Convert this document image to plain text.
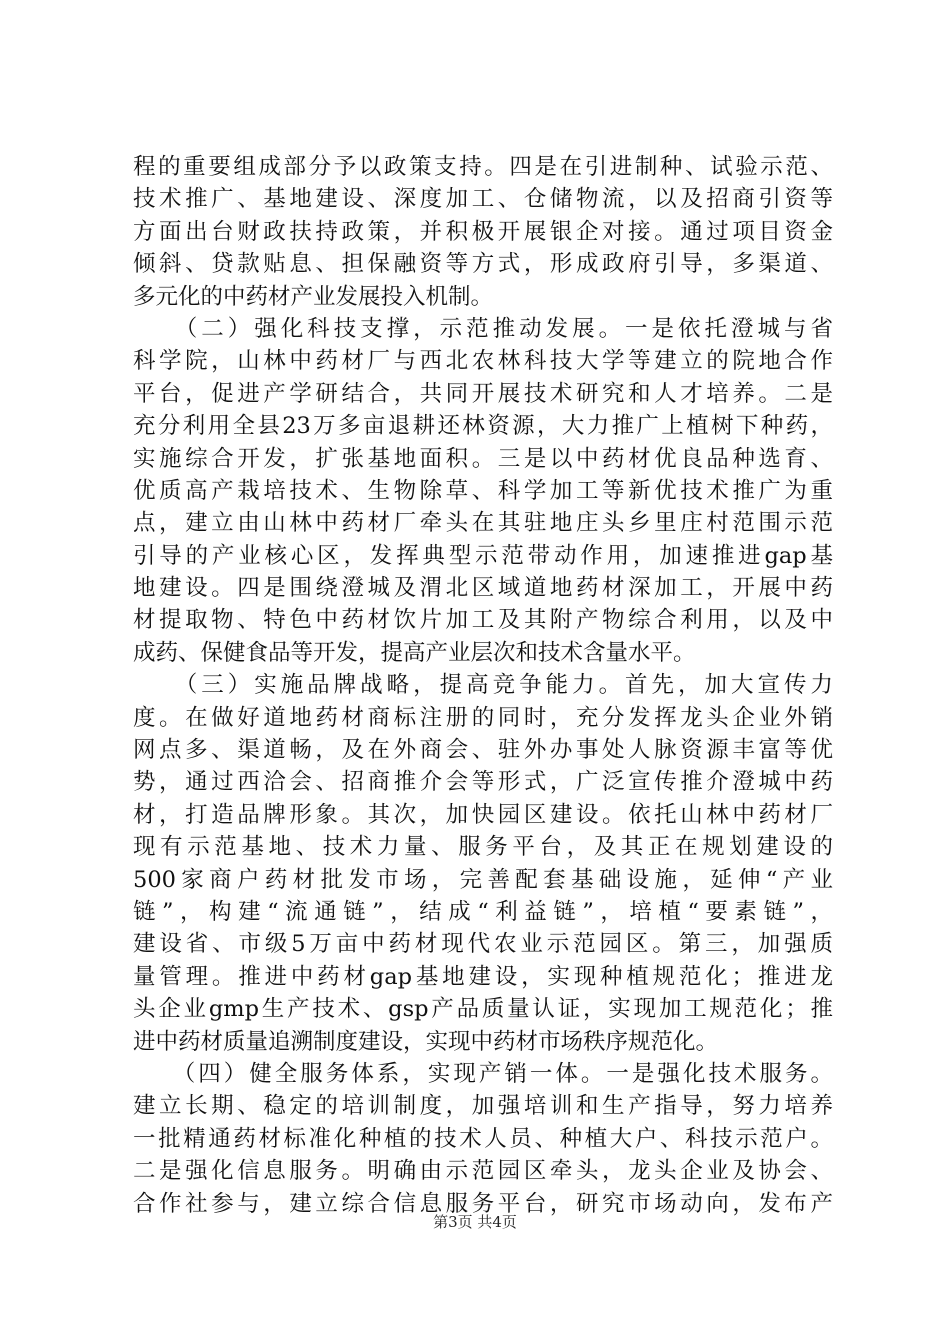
程的重要组成部分予以政策支持。四是在引进制种、试验示范、
技术推广、基地建设、深度加工、仓储物流，以及招商引资等
方面出台财政扶持政策，并积极开展银企对接。通过项目资金
倾斜、贷款贴息、担保融资等方式，形成政府引导，多渠道、
多元化的中药材产业发展投入机制。
　　（二）强化科技支撑，示范推动发展。一是依托澄城与省
科学院，山林中药材厂与西北农林科技大学等建立的院地合作
平台，促进产学研结合，共同开展技术研究和人才培养。二是
充分利用全县23万多亩退耕还林资源，大力推广上植树下种药，
实施综合开发，扩张基地面积。三是以中药材优良品种选育、
优质高产栽培技术、生物除草、科学加工等新优技术推广为重
点，建立由山林中药材厂牵头在其驻地庄头乡里庄村范围示范
引导的产业核心区，发挥典型示范带动作用，加速推进gap基
地建设。四是围绕澄城及渭北区域道地药材深加工，开展中药
材提取物、特色中药材饮片加工及其附产物综合利用，以及中
成药、保健食品等开发，提高产业层次和技术含量水平。
　　（三）实施品牌战略，提高竞争能力。首先，加大宣传力
度。在做好道地药材商标注册的同时，充分发挥龙头企业外销
网点多、渠道畅，及在外商会、驻外办事处人脉资源丰富等优
势，通过西洽会、招商推介会等形式，广泛宣传推介澄城中药
材，打造品牌形象。其次，加快园区建设。依托山林中药材厂
现有示范基地、技术力量、服务平台，及其正在规划建设的
500家商户药材批发市场，完善配套基础设施，延伸“产业
链”，构建“流通链”，结成“利益链”，培植“要素链”，
建设省、市级5万亩中药材现代农业示范园区。第三，加强质
量管理。推进中药材gap基地建设，实现种植规范化；推进龙
头企业gmp生产技术、gsp产品质量认证，实现加工规范化；推
进中药材质量追溯制度建设，实现中药材市场秩序规范化。
　　（四）健全服务体系，实现产销一体。一是强化技术服务。
建立长期、稳定的培训制度，加强培训和生产指导，努力培养
一批精通药材标准化种植的技术人员、种植大户、科技示范户。
二是强化信息服务。明确由示范园区牵头，龙头企业及协会、
合作社参与，建立综合信息服务平台，研究市场动向，发布产
第3页 共4页
